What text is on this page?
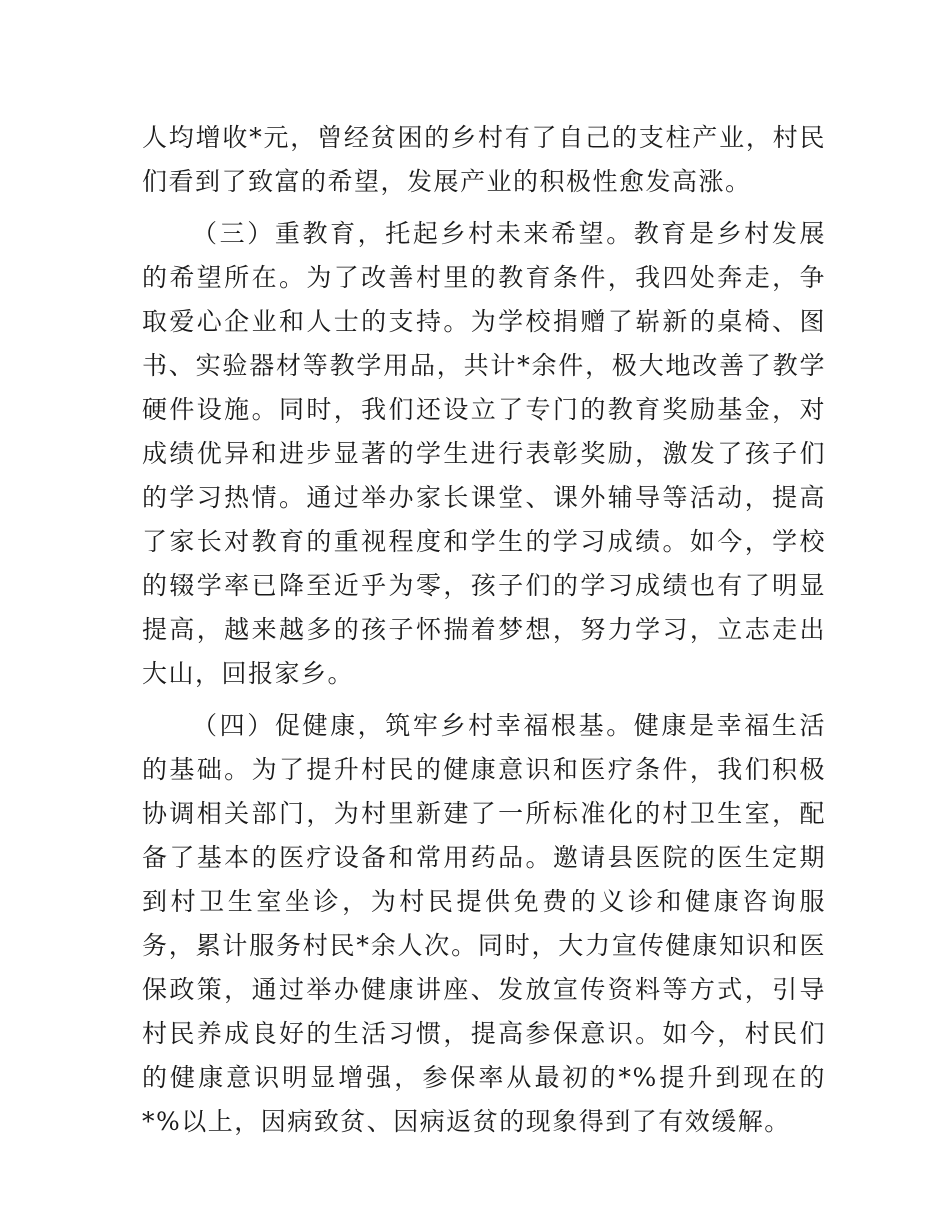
人均增收*元，曾经贫困的乡村有了自己的支柱产业，村民们看到了致富的希望，发展产业的积极性愈发高涨。

（三）重教育，托起乡村未来希望。教育是乡村发展的希望所在。为了改善村里的教育条件，我四处奔走，争取爱心企业和人士的支持。为学校捐赠了崭新的桌椅、图书、实验器材等教学用品，共计*余件，极大地改善了教学硬件设施。同时，我们还设立了专门的教育奖励基金，对成绩优异和进步显著的学生进行表彰奖励，激发了孩子们的学习热情。通过举办家长课堂、课外辅导等活动，提高了家长对教育的重视程度和学生的学习成绩。如今，学校的辍学率已降至近乎为零，孩子们的学习成绩也有了明显提高，越来越多的孩子怀揣着梦想，努力学习，立志走出大山，回报家乡。

（四）促健康，筑牢乡村幸福根基。健康是幸福生活的基础。为了提升村民的健康意识和医疗条件，我们积极协调相关部门，为村里新建了一所标准化的村卫生室，配备了基本的医疗设备和常用药品。邀请县医院的医生定期到村卫生室坐诊，为村民提供免费的义诊和健康咨询服务，累计服务村民*余人次。同时，大力宣传健康知识和医保政策，通过举办健康讲座、发放宣传资料等方式，引导村民养成良好的生活习惯，提高参保意识。如今，村民们的健康意识明显增强，参保率从最初的*%提升到现在的*%以上，因病致贫、因病返贫的现象得到了有效缓解。
